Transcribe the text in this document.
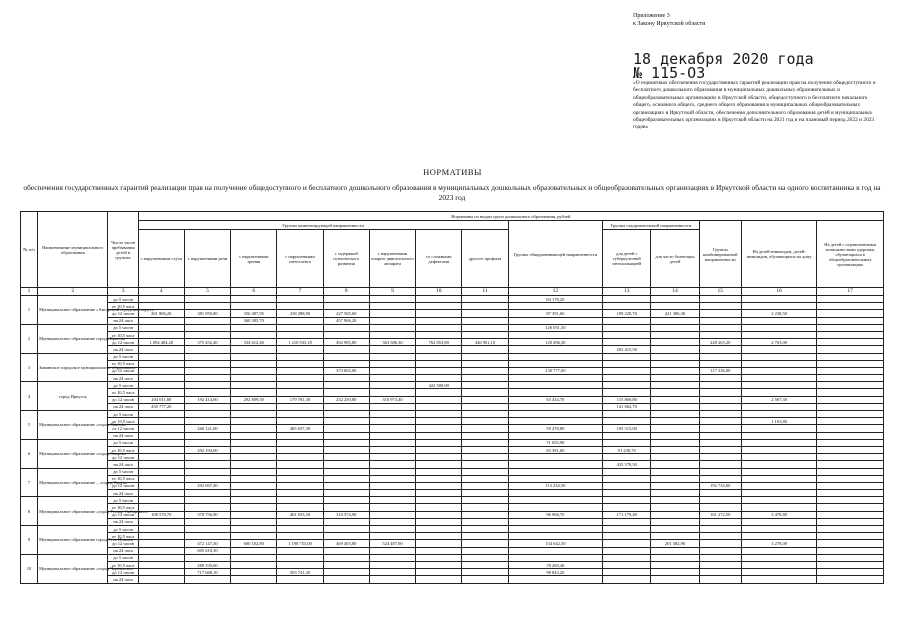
Приложение 3
к Закону Иркутской области
18 декабря 2020 года
№ 115-ОЗ
«О нормативах обеспечения государственных гарантий реализации прав на получение общедоступного и бесплатного дошкольного образования в муниципальных дошкольных образовательных и общеобразовательных организациях в Иркутской области, общедоступного и бесплатного начального общего, основного общего, среднего общего образования в муниципальных общеобразовательных организациях в Иркутской области, обеспечения дополнительного образования детей в муниципальных общеобразовательных организациях в Иркутской области на 2021 год и на плановый период 2022 и 2023 годов»
НОРМАТИВЫ
обеспечения государственных гарантий реализации прав на получение общедоступного и бесплатного дошкольного образования в муниципальных дошкольных образовательных и общеобразовательных организациях в Иркутской области на одного воспитанника в год на 2023 год
№ п/п	Наименование муниципального образования	Число часов пребывания детей в группах	Нормативы по видам групп дошкольного образования, рублей													
			Группы компенсирующей направленности								Группы общеразвивающей направленности	Группы оздоровительной направленности		Группы комбинированной направленности	На детей-инвалидов, детей-инвалидов, обучающихся на дому	На детей с ограниченными возможностями здоровья, обучающихся в общеобразовательных организациях
			с нарушениями слуха	с нарушениями речи	с нарушениями зрения	с нарушениями интеллекта	с задержкой психического развития	с нарушениями опорно-двигательного аппарата	со сложными дефектами	другого профиля		для детей с туберкулезной интоксикацией	для часто болеющих детей			
1	2	3	4	5	6	7	8	9	10	11	12	13	14	15	16	17
1	Муниципальное образование «Ангарский городской округ»	до 5 часов									84 178,20					
		от 10,5 часа														
		до 12 часов	261 806,20	381 950,80	356 487,95	238 288,90	227 565,60				87 391,60	189 220,70	421 386,30		2 238,50	
		на 24 часа			360 385,70		457 966,20									
2	Муниципальное образование города Братска	до 5 часов									126 051,30					
		от 10,5 часа														
		до 12 часов	1 094 404,20	375 452,40	334 612,40	1 210 933,10	492 985,80	363 586,30	762 853,80	446 901,10	120 496,30			228 263,20	2 763,00	
		на 24 часа										202 415,50				
3	Зиминское городское муниципальное образование	до 5 часов														
		от 10,5 часа														
		до 12 часов					373 603,00				130 777,00			117 336,00		
		на 24 часа														
4	город Иркутск	до 5 часов							422 500,00							
		от 10,5 часа														
		до 12 часов	204 011,80	192 414,00	292 809,50	179 781,30	232 250,80	318 973,40			63 434,70	115 869,80			2 567,30	
		на 24 часа	439 777,20									141 662,70				
5	Муниципальное образование «город Саянск»	до 5 часов														
		до 10,5 часа													1 163,80	
		от 12 часов		260 121,00		485 037,30					59 478,80	105 515,00				
		на 24 часа														
6	Муниципальное образование «город Свирск»	до 5 часов									71 655,90					
		от 10,5 часа		292 194,00							83 391,60	91 238,70				
		до 12 часов														
		на 24 часа										435 578,50				
7	Муниципальное образование – «город Тулун»	до 5 часов														
		от 10,5 часа														
		до 12 часов		292 067,40							113 234,50			192 734,00		
		на 24 часа														
8	Муниципальное образование «город Усолье-Сибирское»	до 5 часов														
		от 10,5 часа														
		до 12 часов	108 570,70	370 756,90		461 033,50	310 574,90				96 968,70	171 179,40		161 272,50	3 478,80	
		на 24 часа														
9	Муниципальное образование город Усть-Илимск	до 5 часов														
		от 10,5 часа														
		до 12 часов		472 147,30	600 102,80	1 198 753,00	469 403,80	524 487,90			134 642,50		201 382,90		3 278,00	
		на 24 часа		605 610,30												
10	Муниципальное образование «город Черемхово»	до 5 часов														
		от 10,5 часа		289 335,60							78 269,40					
		до 12 часов		717 668,10		503 741,30					98 843,20					
		на 24 часа														
